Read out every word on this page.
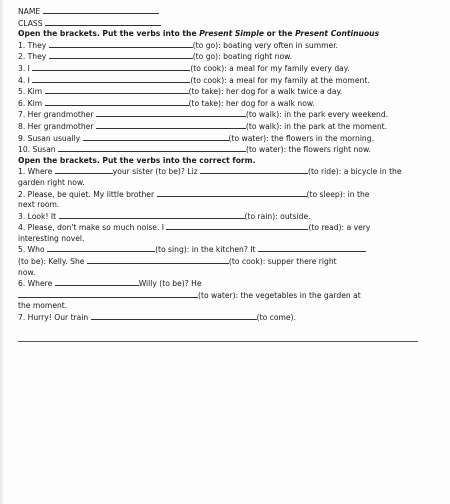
NAME
CLASS
Open the brackets. Put the verbs into the Present Simple or the Present Continuous
1. They	(to go): boating very often in summer.
2. They	(to go): boating right now.
3. I	(to cook): a meal for my family every day.
4. I	(to cook): a meal for my family at the moment.
5. Kim	(to take): her dog for a walk twice a day.
6. Kim	(to take): her dog for a walk now.
7. Her grandmother	(to walk): in the park every weekend.
8. Her grandmother	(to walk): in the park at the moment.
9. Susan usually	(to water): the flowers in the morning.
10. Susan	(to water): the flowers right now.
Open the brackets. Put the verbs into the correct form.
1. Where	your sister (to be)? Liz	(to ride): a bicycle in the
garden right now.
2. Please, be quiet. My little brother	(to sleep): in the
next room.
3. Look! It	(to rain): outside.
4. Please, don't make so much noise. I	(to read): a very
interesting novel.
5. Who	(to sing): in the kitchen? It
(to be): Kelly. She	(to cook): supper there right
now.
6. Where	Willy (to be)? He
(to water): the vegetables in the garden at
the moment.
7. Hurry! Our train	(to come).
